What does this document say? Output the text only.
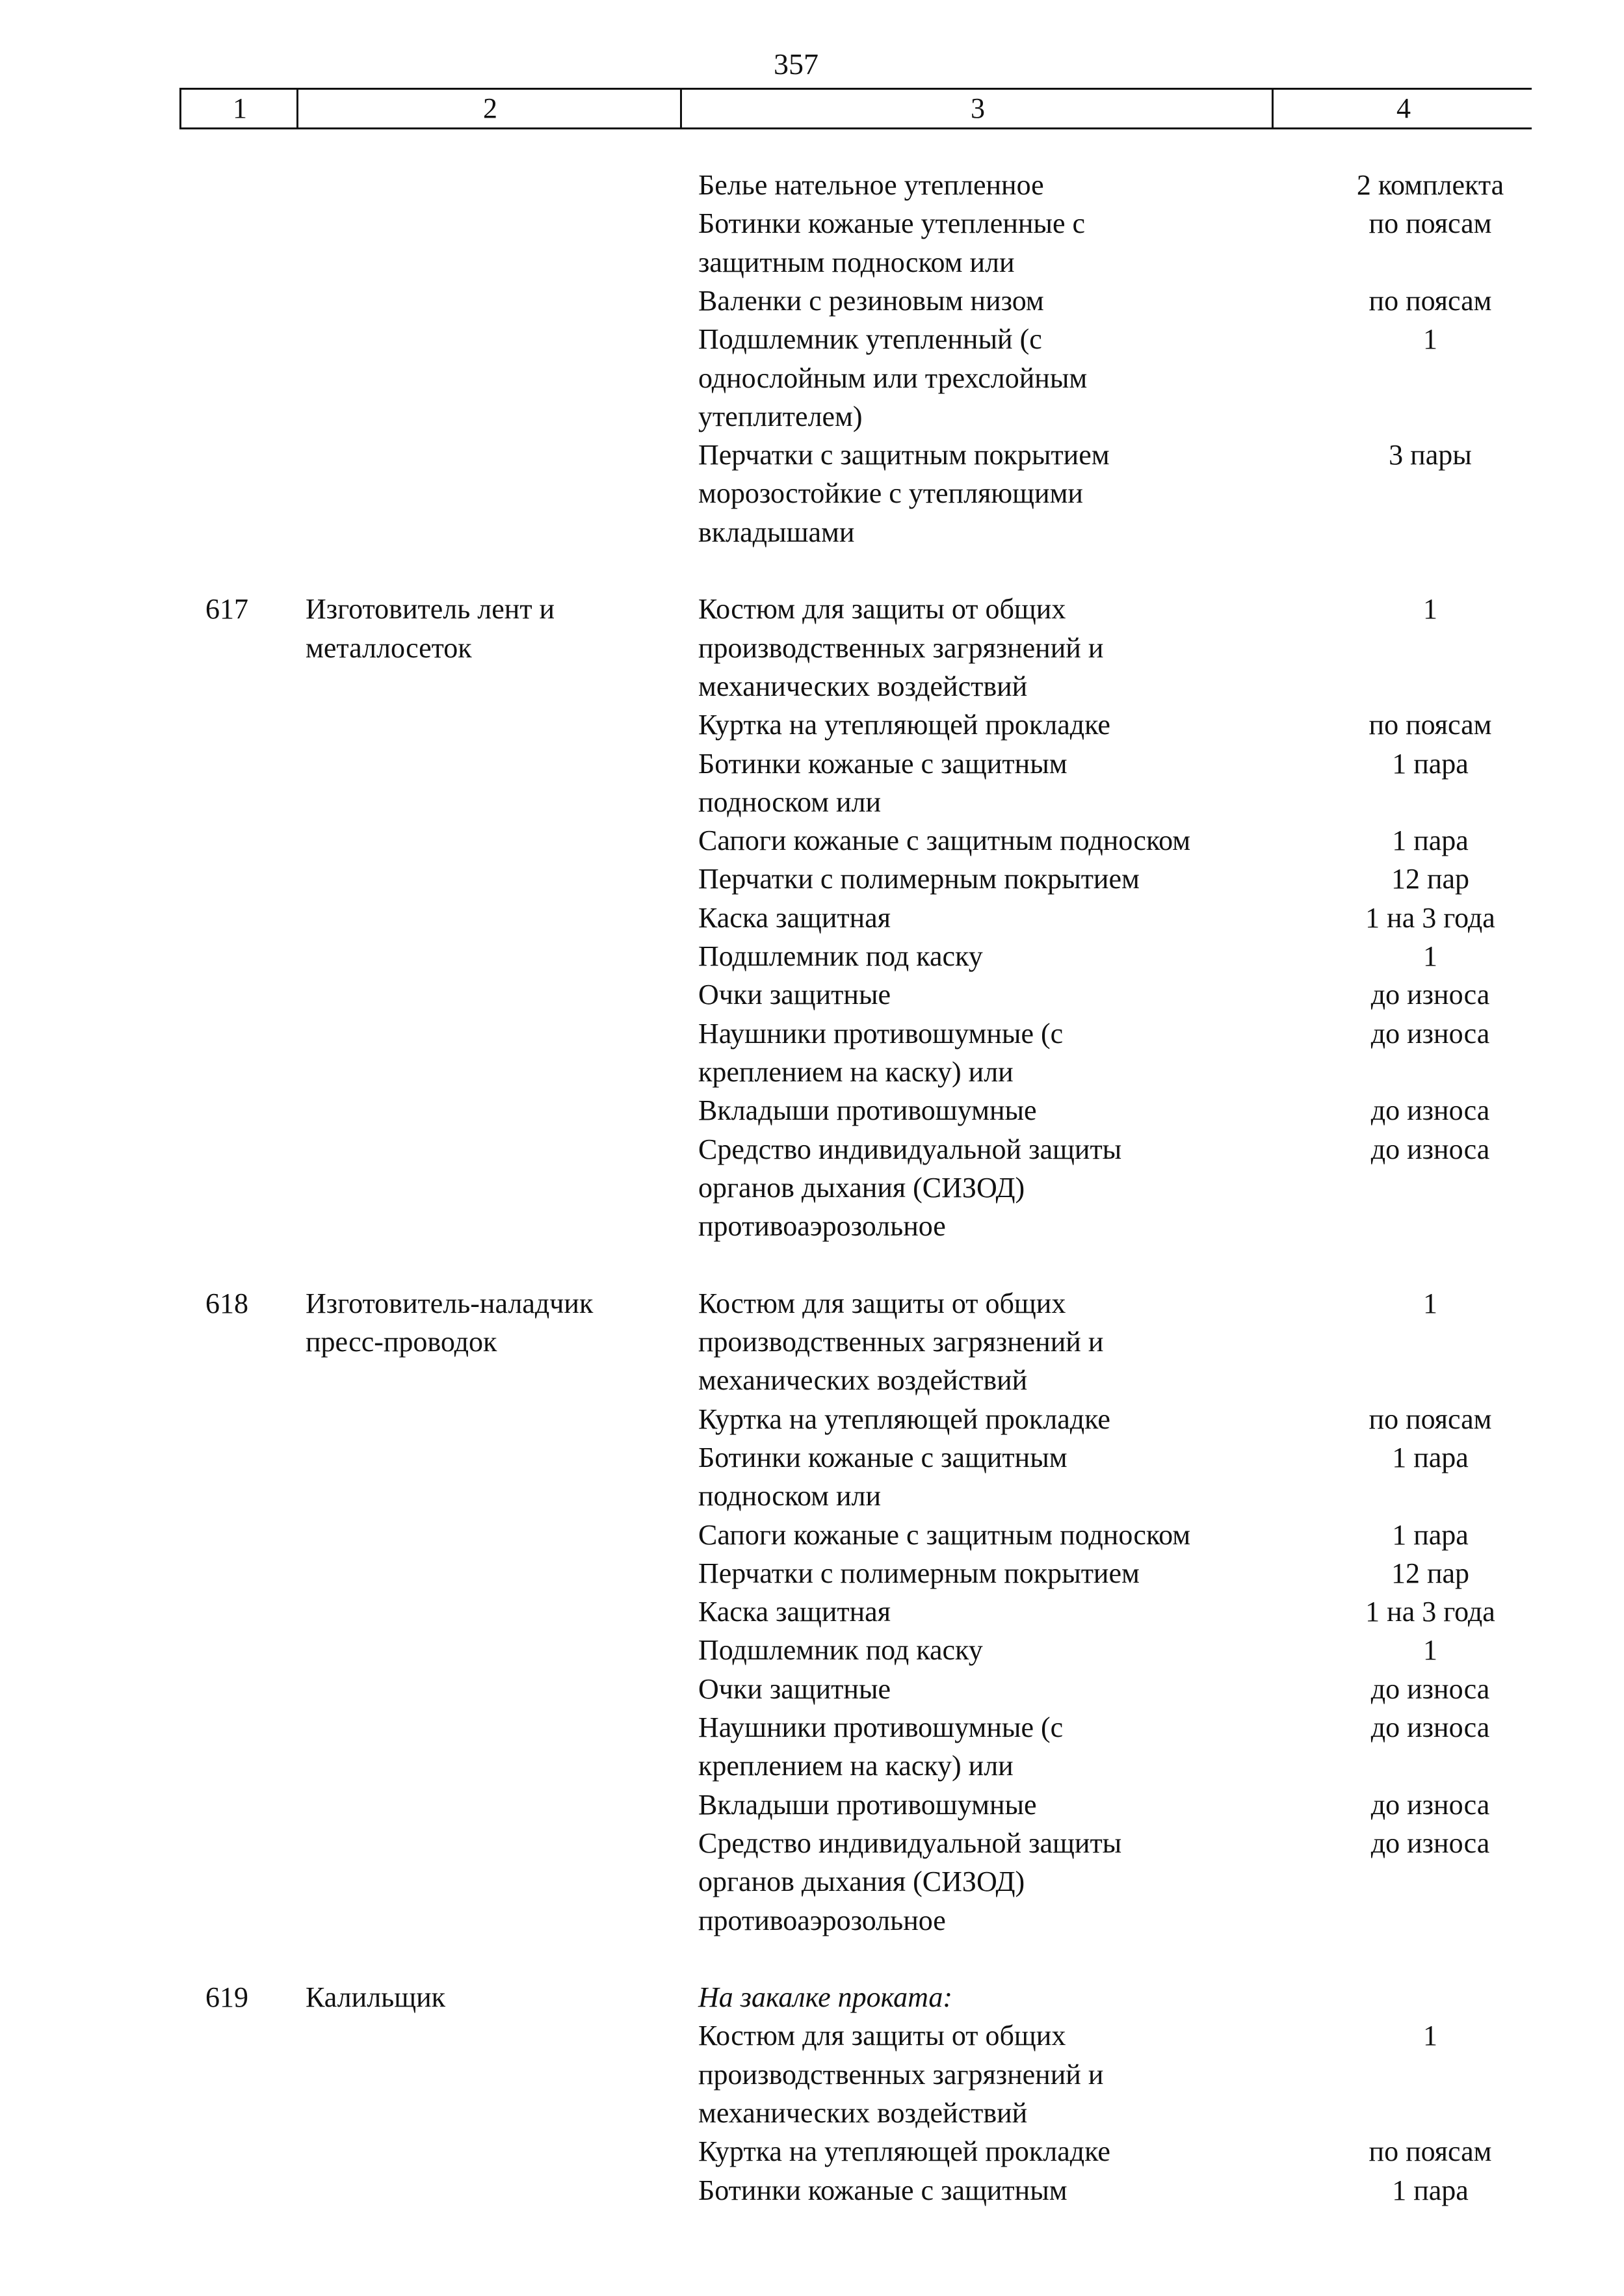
357
1	2	3	4
Белье нательное утепленное	2 комплекта
Ботинки кожаные утепленные с	по поясам
защитным подноском или
Валенки с резиновым низом	по поясам
Подшлемник утепленный (с	1
однослойным или трехслойным
утеплителем)
Перчатки с защитным покрытием	3 пары
морозостойкие с утепляющими
вкладышами
617 Изготовитель лент и	Костюм для защиты от общих	1
металлосеток	производственных загрязнений и
механических воздействий
Куртка на утепляющей прокладке	по поясам
Ботинки кожаные с защитным	1 пара
подноском или
Сапоги кожаные с защитным подноском	1 пара
Перчатки с полимерным покрытием	12 пар
Каска защитная	1 на 3 года
Подшлемник под каску	1
Очки защитные	до износа
Наушники противошумные (с	до износа
креплением на каску) или
Вкладыши противошумные	до износа
Средство индивидуальной защиты	до износа
органов дыхания (СИЗОД)
противоаэрозольное
618 Изготовитель-наладчик	Костюм для защиты от общих	1
пресс-проводок	производственных загрязнений и
механических воздействий
Куртка на утепляющей прокладке	по поясам
Ботинки кожаные с защитным	1 пара
подноском или
Сапоги кожаные с защитным подноском	1 пара
Перчатки с полимерным покрытием	12 пар
Каска защитная	1 на 3 года
Подшлемник под каску	1
Очки защитные	до износа
Наушники противошумные (с	до износа
креплением на каску) или
Вкладыши противошумные	до износа
Средство индивидуальной защиты	до износа
органов дыхания (СИЗОД)
противоаэрозольное
619 Калильщик	На закалке проката:
Костюм для защиты от общих	1
производственных загрязнений и
механических воздействий
Куртка на утепляющей прокладке	по поясам
Ботинки кожаные с защитным	1 пара
